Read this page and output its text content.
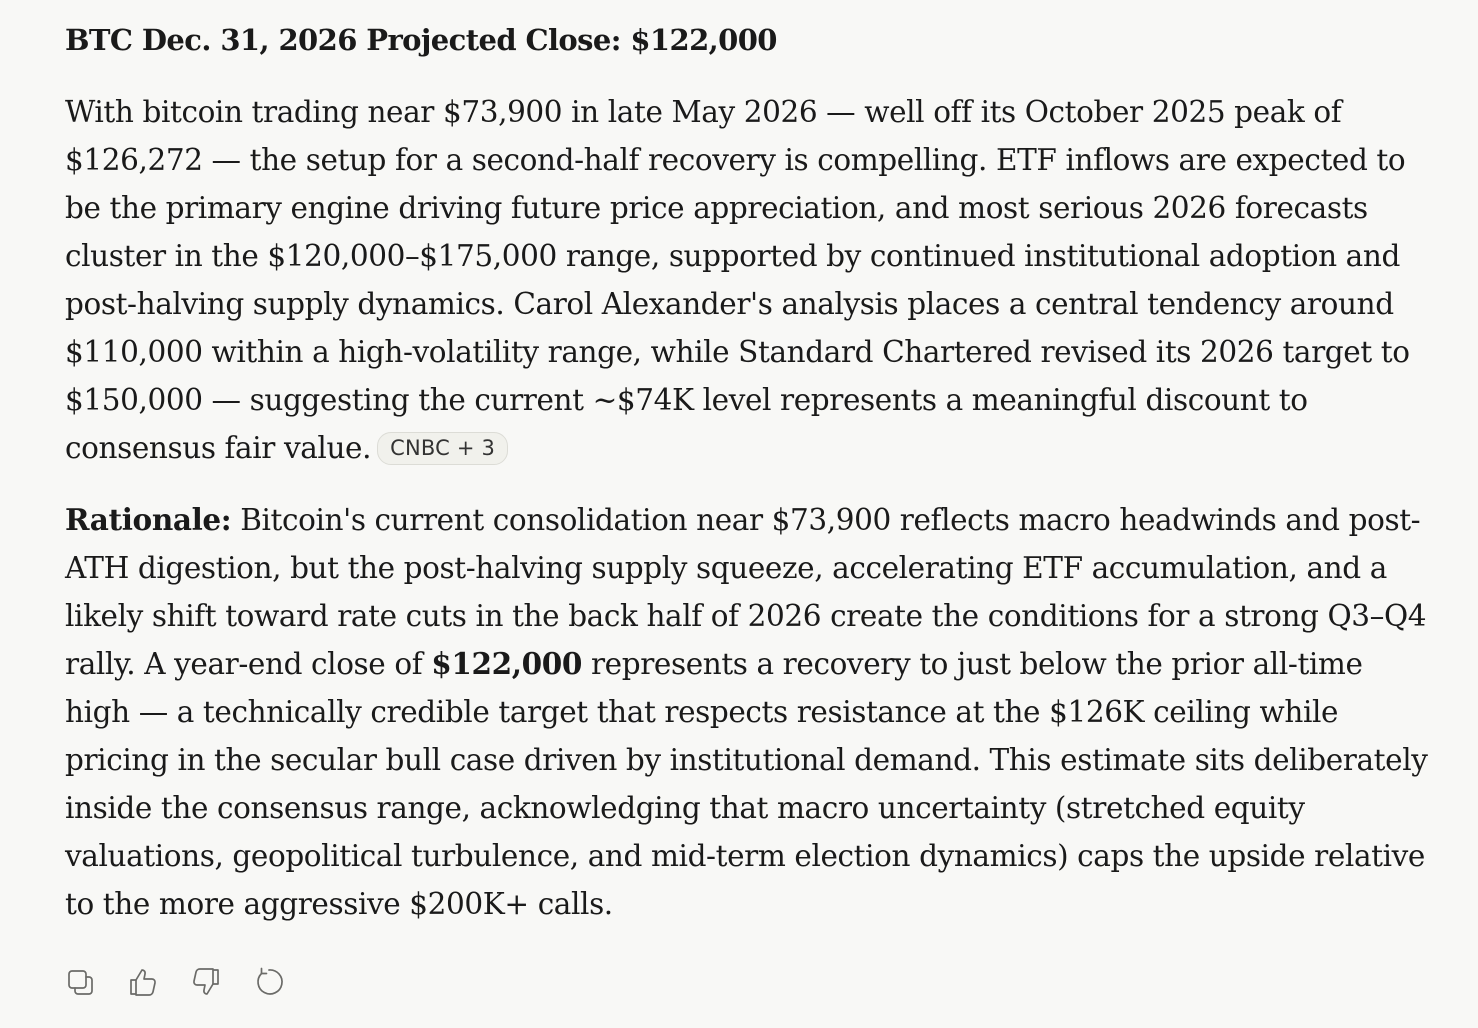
BTC Dec. 31, 2026 Projected Close: $122,000

With bitcoin trading near $73,900 in late May 2026 — well off its October 2025 peak of $126,272 — the setup for a second-half recovery is compelling. ETF inflows are expected to be the primary engine driving future price appreciation, and most serious 2026 forecasts cluster in the $120,000–$175,000 range, supported by continued institutional adoption and post-halving supply dynamics. Carol Alexander's analysis places a central tendency around $110,000 within a high-volatility range, while Standard Chartered revised its 2026 target to $150,000 — suggesting the current ~$74K level represents a meaningful discount to consensus fair value. CNBC + 3

Rationale: Bitcoin's current consolidation near $73,900 reflects macro headwinds and post-ATH digestion, but the post-halving supply squeeze, accelerating ETF accumulation, and a likely shift toward rate cuts in the back half of 2026 create the conditions for a strong Q3–Q4 rally. A year-end close of $122,000 represents a recovery to just below the prior all-time high — a technically credible target that respects resistance at the $126K ceiling while pricing in the secular bull case driven by institutional demand. This estimate sits deliberately inside the consensus range, acknowledging that macro uncertainty (stretched equity valuations, geopolitical turbulence, and mid-term election dynamics) caps the upside relative to the more aggressive $200K+ calls.
